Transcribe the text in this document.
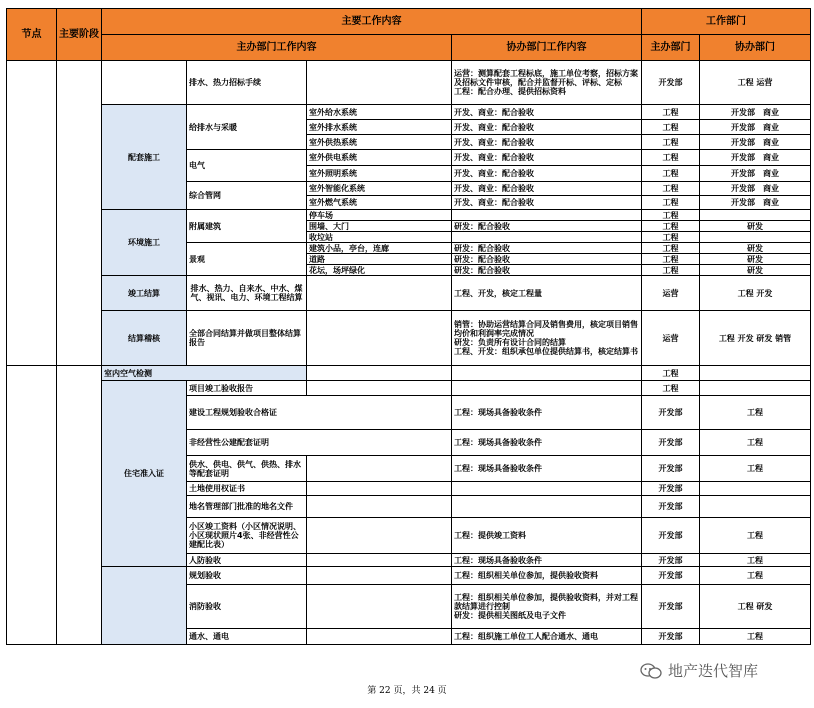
节点	主要阶段	主要工作内容				工作部门	
		主办部门工作内容			协办部门工作内容	主办部门	协办部门
			排水、热力招标手续		运营：测算配套工程标底，施工单位考察，招标方案及招标文件审核，配合并监督开标、评标、定标
工程：配合办理、提供招标资料	开发部	工程 运营
		配套施工	给排水与采暖	室外给水系统	开发、商业：配合验收	工程	开发部　商业
				室外排水系统	开发、商业：配合验收	工程	开发部　商业
				室外供热系统	开发、商业：配合验收	工程	开发部　商业
			电气	室外供电系统	开发、商业：配合验收	工程	开发部　商业
				室外照明系统	开发、商业：配合验收	工程	开发部　商业
			综合管网	室外智能化系统	开发、商业：配合验收	工程	开发部　商业
				室外燃气系统	开发、商业：配合验收	工程	开发部　商业
		环境施工	附属建筑	停车场		工程	
				围墙、大门	研发：配合验收	工程	研发
				收垃站		工程	
			景观	建筑小品，亭台，连廊	研发：配合验收	工程	研发
				道路	研发：配合验收	工程	研发
				花坛，场坪绿化	研发：配合验收	工程	研发
		竣工结算	排水、热力、自来水、中水、煤气、视讯、电力、环境工程结算		工程、开发，核定工程量	运营	工程 开发
		结算稽核	全部合同结算并做项目整体结算报告		销管：协助运营结算合同及销售费用，核定项目销售均价和利润率完成情况
研发：负责所有设计合同的结算
工程、开发：组织承包单位提供结算书，核定结算书	运营	工程 开发 研发 销管
		室内空气检测				工程	
		住宅准入证	项目竣工验收报告			工程	
			建设工程规划验收合格证		工程：现场具备验收条件	开发部	工程
			非经营性公建配套证明		工程：现场具备验收条件	开发部	工程
			供水、供电、供气、供热、排水等配套证明		工程：现场具备验收条件	开发部	工程
			土地使用权证书			开发部	
			地名管理部门批准的地名文件			开发部	
			小区竣工资料（小区情况说明、小区现状照片4张、非经营性公建配比表）		工程：提供竣工资料	开发部	工程
			人防验收		工程：现场具备验收条件	开发部	工程
			规划验收		工程：组织相关单位参加，提供验收资料	开发部	工程
			消防验收		工程：组织相关单位参加，提供验收资料，并对工程款结算进行控制
研发：提供相关图纸及电子文件	开发部	工程 研发
			通水、通电		工程：组织施工单位工人配合通水、通电	开发部	工程
地产迭代智库
第 22 页，共 24 页
